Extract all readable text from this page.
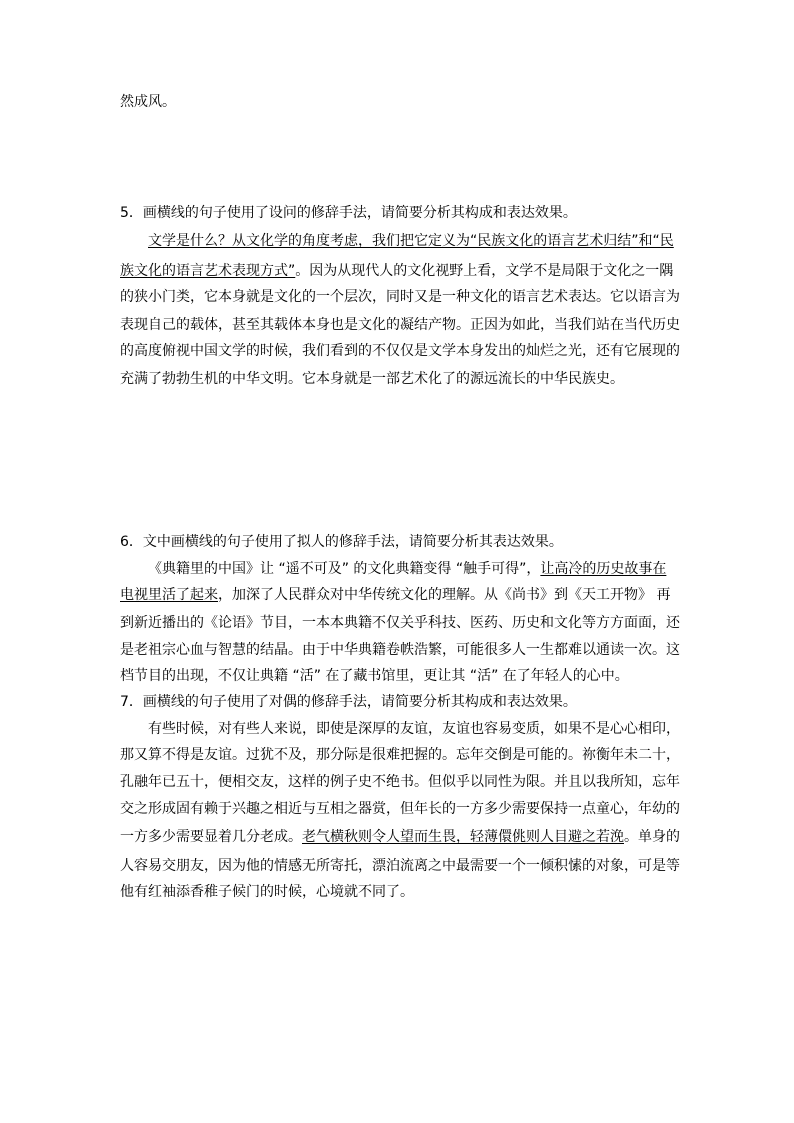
然成风。
5．画横线的句子使用了设问的修辞手法，请简要分析其构成和表达效果。
文学是什么？从文化学的角度考虑，我们把它定义为“民族文化的语言艺术归结”和“民
族文化的语言艺术表现方式”。因为从现代人的文化视野上看，文学不是局限于文化之一隅
的狭小门类，它本身就是文化的一个层次，同时又是一种文化的语言艺术表达。它以语言为
表现自己的载体，甚至其载体本身也是文化的凝结产物。正因为如此，当我们站在当代历史
的高度俯视中国文学的时候，我们看到的不仅仅是文学本身发出的灿烂之光，还有它展现的
充满了勃勃生机的中华文明。它本身就是一部艺术化了的源远流长的中华民族史。
6．文中画横线的句子使用了拟人的修辞手法，请简要分析其表达效果。
《典籍里的中国》让 “遥不可及” 的文化典籍变得 “触手可得”，让高冷的历史故事在
电视里活了起来，加深了人民群众对中华传统文化的理解。从《尚书》到《天工开物》 再
到新近播出的《论语》节目，一本本典籍不仅关乎科技、医药、历史和文化等方方面面，还
是老祖宗心血与智慧的结晶。由于中华典籍卷帙浩繁，可能很多人一生都难以通读一次。这
档节目的出现，不仅让典籍 “活” 在了藏书馆里，更让其 “活” 在了年轻人的心中。
7．画横线的句子使用了对偶的修辞手法，请简要分析其构成和表达效果。
有些时候，对有些人来说，即使是深厚的友谊，友谊也容易变质，如果不是心心相印，
那又算不得是友谊。过犹不及，那分际是很难把握的。忘年交倒是可能的。祢衡年未二十，
孔融年已五十，便相交友，这样的例子史不绝书。但似乎以同性为限。并且以我所知，忘年
交之形成固有赖于兴趣之相近与互相之器赏，但年长的一方多少需要保持一点童心，年幼的
一方多少需要显着几分老成。老气横秋则令人望而生畏，轻薄儇佻则人目避之若浼。单身的
人容易交朋友，因为他的情感无所寄托，漂泊流离之中最需要一个一倾积愫的对象，可是等
他有红袖添香稚子候门的时候，心境就不同了。
